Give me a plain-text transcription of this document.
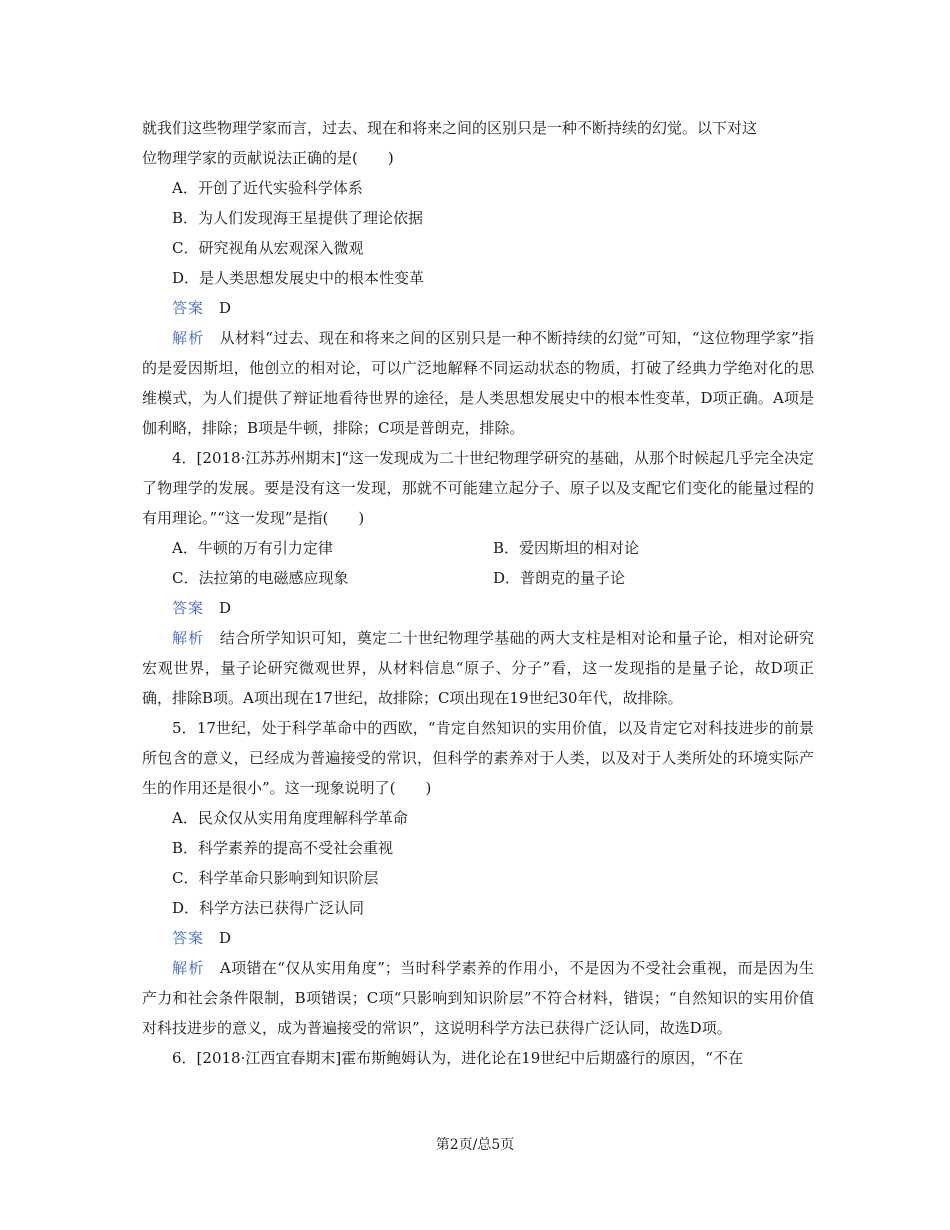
就我们这些物理学家而言，过去、现在和将来之间的区别只是一种不断持续的幻觉。以下对这

位物理学家的贡献说法正确的是(　　)

A．开创了近代实验科学体系

B．为人们发现海王星提供了理论依据

C．研究视角从宏观深入微观

D．是人类思想发展史中的根本性变革

答案　 D

解析　 从材料“过去、现在和将来之间的区别只是一种不断持续的幻觉”可知，“这位物理学家”指的是爱因斯坦，他创立的相对论，可以广泛地解释不同运动状态的物质，打破了经典力学绝对化的思维模式，为人们提供了辩证地看待世界的途径，是人类思想发展史中的根本性变革，D项正确。A项是伽利略，排除；B项是牛顿，排除；C项是普朗克，排除。

4．[2018·江苏苏州期末]“这一发现成为二十世纪物理学研究的基础，从那个时候起几乎完全决定了物理学的发展。要是没有这一发现，那就不可能建立起分子、原子以及支配它们变化的能量过程的有用理论。”“这一发现”是指(　　)

A．牛顿的万有引力定律	B．爱因斯坦的相对论
C．法拉第的电磁感应现象	D．普朗克的量子论

答案　 D

解析　 结合所学知识可知，奠定二十世纪物理学基础的两大支柱是相对论和量子论，相对论研究宏观世界，量子论研究微观世界，从材料信息“原子、分子”看，这一发现指的是量子论，故D项正确，排除B项。A项出现在17世纪，故排除；C项出现在19世纪30年代，故排除。

5．17世纪，处于科学革命中的西欧，“肯定自然知识的实用价值，以及肯定它对科技进步的前景所包含的意义，已经成为普遍接受的常识，但科学的素养对于人类，以及对于人类所处的环境实际产生的作用还是很小”。这一现象说明了(　　)

A．民众仅从实用角度理解科学革命

B．科学素养的提高不受社会重视

C．科学革命只影响到知识阶层

D．科学方法已获得广泛认同

答案　 D

解析　 A项错在“仅从实用角度”；当时科学素养的作用小，不是因为不受社会重视，而是因为生产力和社会条件限制，B项错误；C项“只影响到知识阶层”不符合材料，错误；“自然知识的实用价值对科技进步的意义，成为普遍接受的常识”，这说明科学方法已获得广泛认同，故选D项。

6．[2018·江西宜春期末]霍布斯鲍姆认为，进化论在19世纪中后期盛行的原因，“不在

第2页/总5页
